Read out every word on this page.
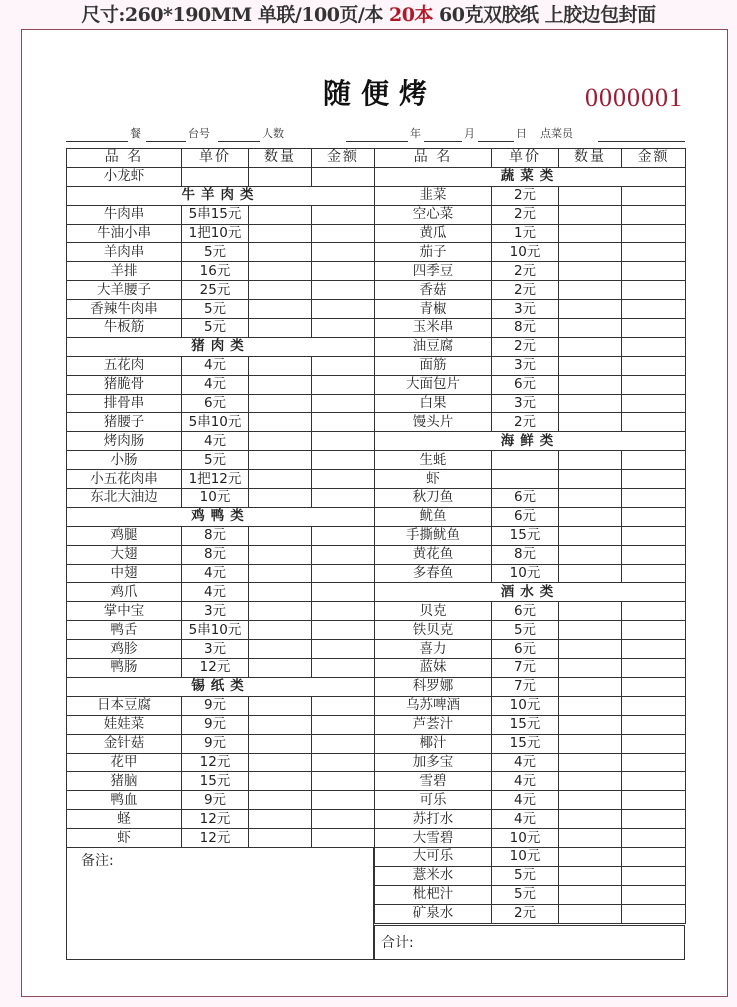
尺寸:260*190MM 单联/100页/本 20本 60克双胶纸 上胶边包封面
随便烤	0000001
餐	台号	人数	年	月	日 点菜员
品 名	单价	数量	金额
小龙虾			
牛羊肉类			
牛肉串	5串15元		
牛油小串	1把10元		
羊肉串	5元		
羊排	16元		
大羊腰子	25元		
香辣牛肉串	5元		
牛板筋	5元		
猪肉类			
五花肉	4元		
猪脆骨	4元		
排骨串	6元		
猪腰子	5串10元		
烤肉肠	4元		
小肠	5元		
小五花肉串	1把12元		
东北大油边	10元		
鸡鸭类			
鸡腿	8元		
大翅	8元		
中翅	4元		
鸡爪	4元		
掌中宝	3元		
鸭舌	5串10元		
鸡胗	3元		
鸭肠	12元		
锡纸类			
日本豆腐	9元		
娃娃菜	9元		
金针菇	9元		
花甲	12元		
猪脑	15元		
鸭血	9元		
蛏	12元		
虾	12元		
品 名	单价	数量	金额
蔬菜类			
韭菜	2元		
空心菜	2元		
黄瓜	1元		
茄子	10元		
四季豆	2元		
香菇	2元		
青椒	3元		
玉米串	8元		
油豆腐	2元		
面筋	3元		
大面包片	6元		
白果	3元		
馒头片	2元		
海鲜类			
生蚝			
虾			
秋刀鱼	6元		
鱿鱼	6元		
手撕鱿鱼	15元		
黄花鱼	8元		
多春鱼	10元		
酒水类			
贝克	6元		
铁贝克	5元		
喜力	6元		
蓝妹	7元		
科罗娜	7元		
乌苏啤酒	10元		
芦荟汁	15元		
椰汁	15元		
加多宝	4元		
雪碧	4元		
可乐	4元		
苏打水	4元		
大雪碧	10元		
大可乐	10元		
薏米水	5元		
枇杷汁	5元		
矿泉水	2元		
备注:
合计:
